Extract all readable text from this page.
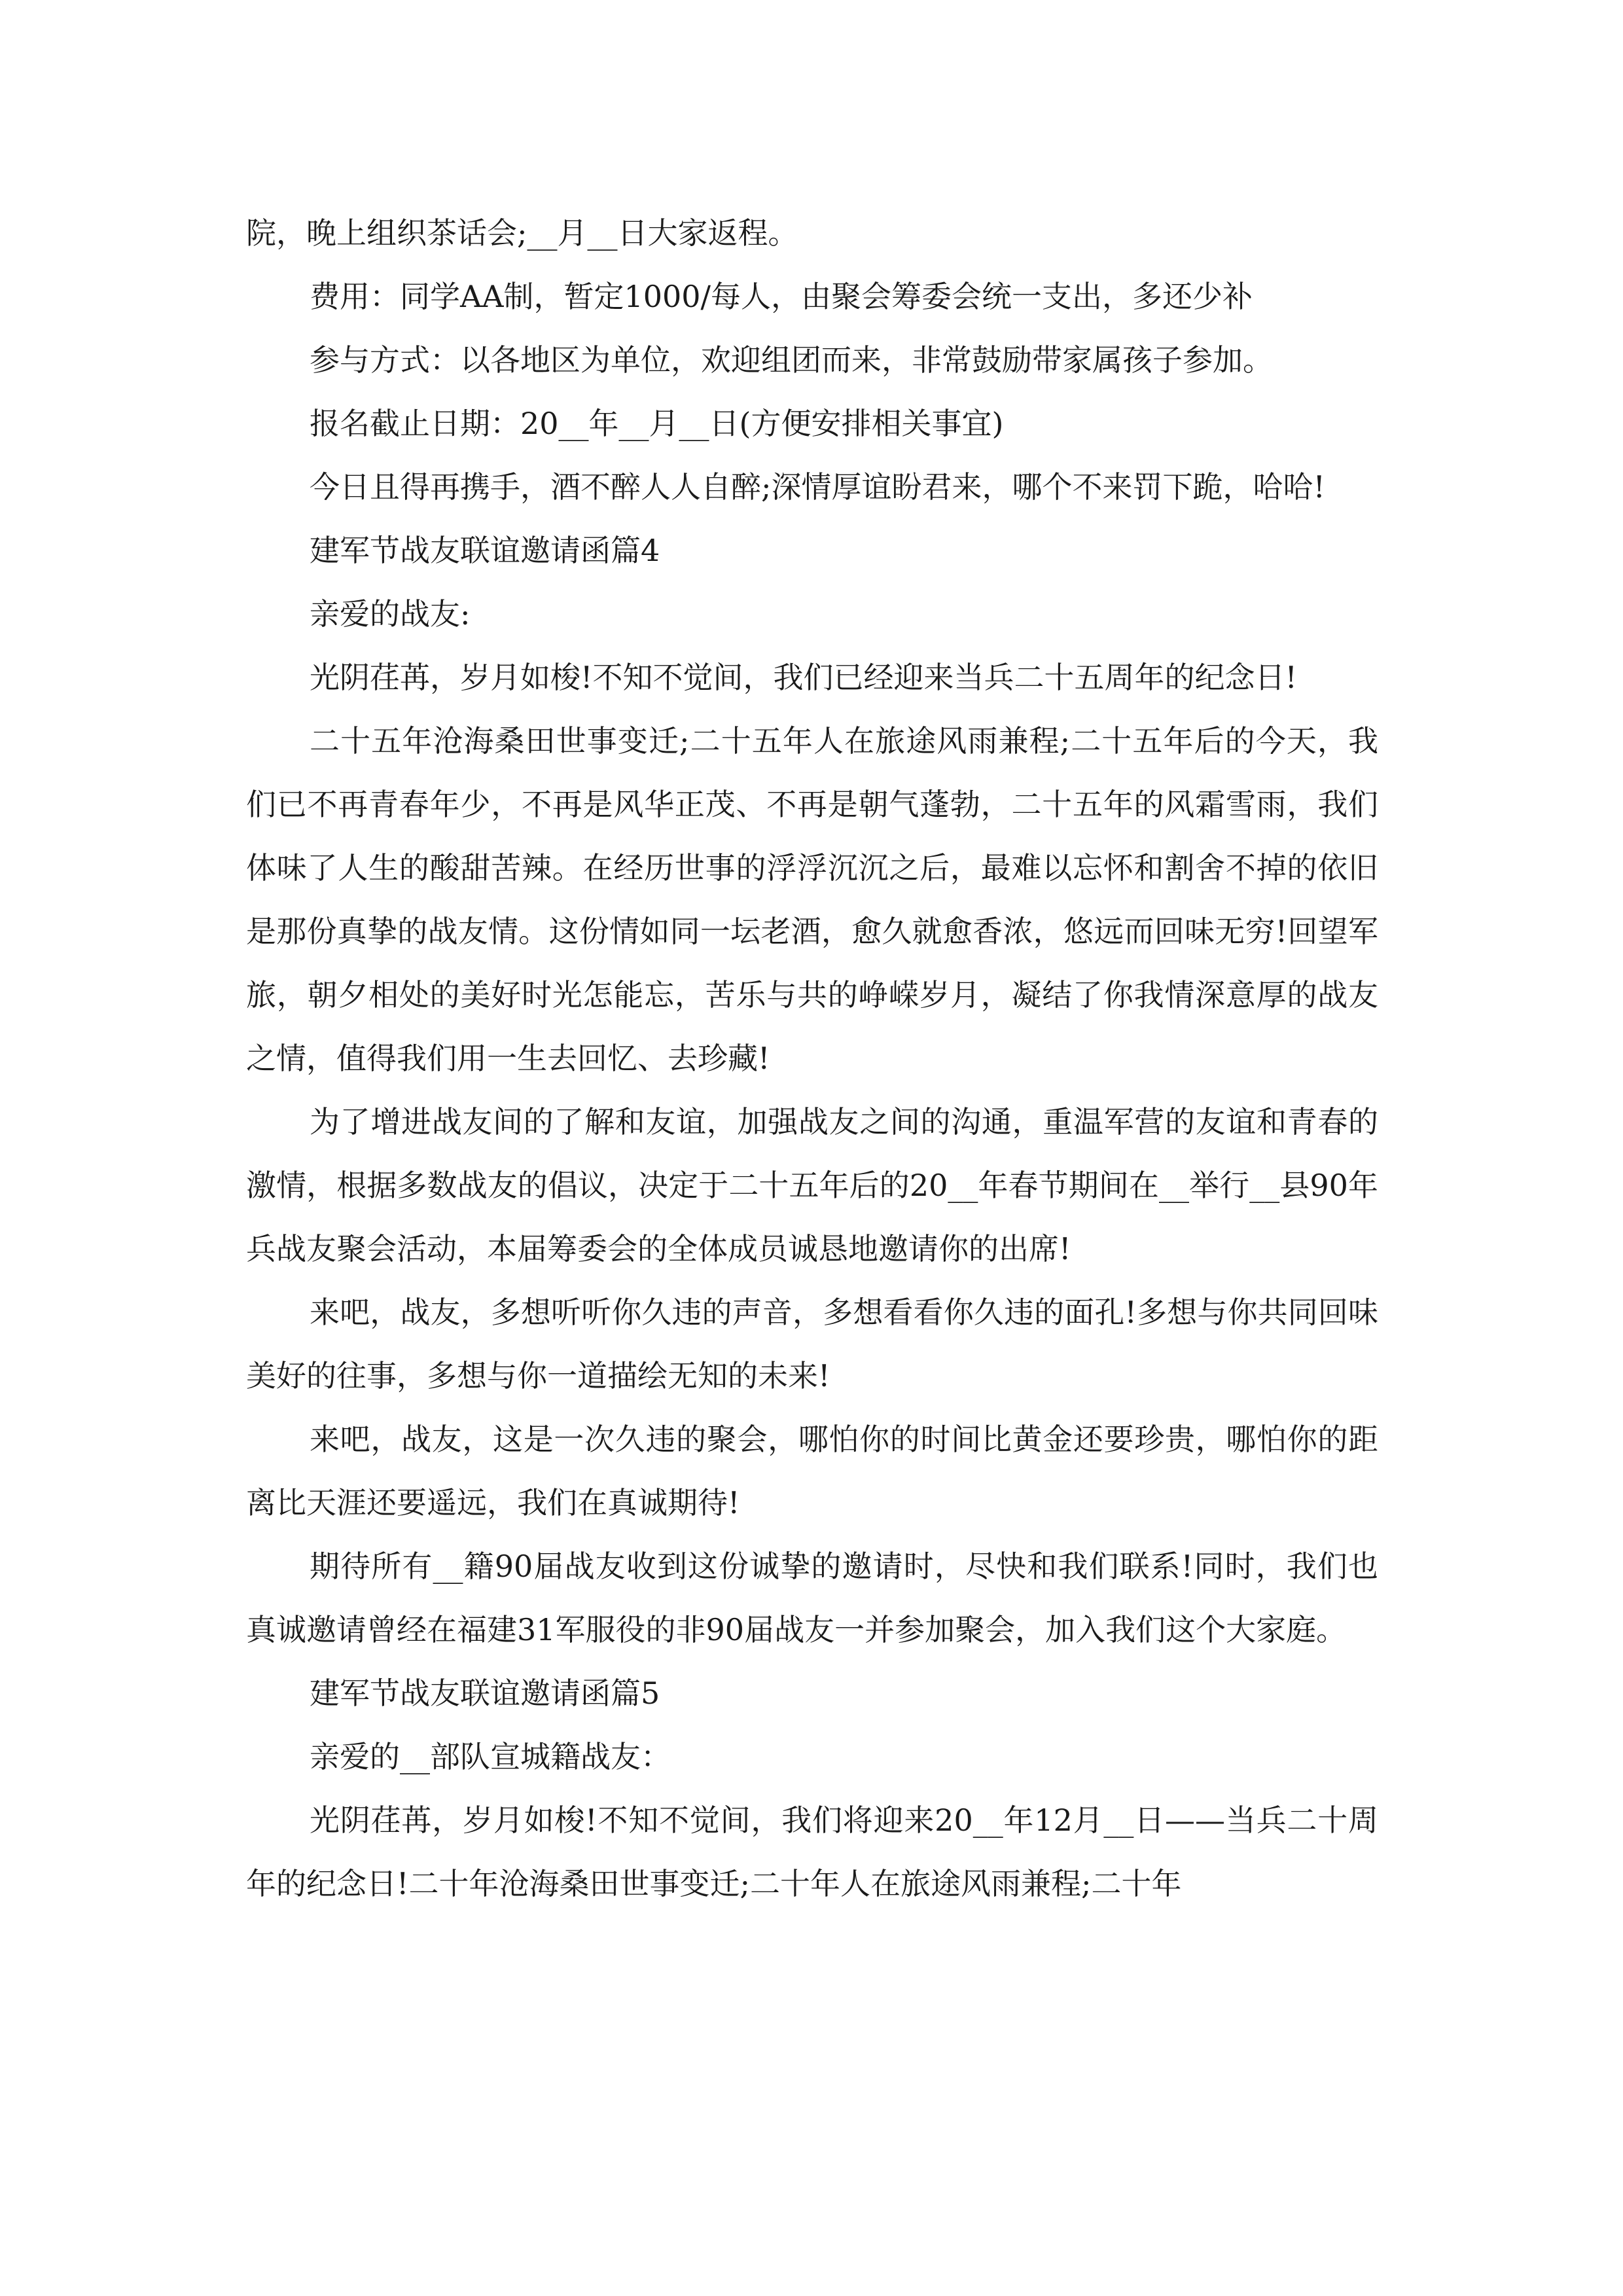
院，晚上组织茶话会;__月__日大家返程。

费用：同学AA制，暂定1000/每人，由聚会筹委会统一支出，多还少补

参与方式：以各地区为单位，欢迎组团而来，非常鼓励带家属孩子参加。

报名截止日期：20__年__月__日(方便安排相关事宜)

今日且得再携手，酒不醉人人自醉;深情厚谊盼君来，哪个不来罚下跪，哈哈!

建军节战友联谊邀请函篇4

亲爱的战友:

光阴荏苒，岁月如梭!不知不觉间，我们已经迎来当兵二十五周年的纪念日!

二十五年沧海桑田世事变迁;二十五年人在旅途风雨兼程;二十五年后的今天，我们已不再青春年少，不再是风华正茂、不再是朝气蓬勃，二十五年的风霜雪雨，我们体味了人生的酸甜苦辣。在经历世事的浮浮沉沉之后，最难以忘怀和割舍不掉的依旧是那份真挚的战友情。这份情如同一坛老酒，愈久就愈香浓，悠远而回味无穷!回望军旅，朝夕相处的美好时光怎能忘，苦乐与共的峥嵘岁月，凝结了你我情深意厚的战友之情，值得我们用一生去回忆、去珍藏!

为了增进战友间的了解和友谊，加强战友之间的沟通，重温军营的友谊和青春的激情，根据多数战友的倡议，决定于二十五年后的20__年春节期间在__举行__县90年兵战友聚会活动，本届筹委会的全体成员诚恳地邀请你的出席!

来吧，战友，多想听听你久违的声音，多想看看你久违的面孔!多想与你共同回味美好的往事，多想与你一道描绘无知的未来!

来吧，战友，这是一次久违的聚会，哪怕你的时间比黄金还要珍贵，哪怕你的距离比天涯还要遥远，我们在真诚期待!

期待所有__籍90届战友收到这份诚挚的邀请时，尽快和我们联系!同时，我们也真诚邀请曾经在福建31军服役的非90届战友一并参加聚会，加入我们这个大家庭。

建军节战友联谊邀请函篇5

亲爱的__部队宣城籍战友：

光阴荏苒，岁月如梭!不知不觉间，我们将迎来20__年12月__日——当兵二十周年的纪念日!二十年沧海桑田世事变迁;二十年人在旅途风雨兼程;二十年
